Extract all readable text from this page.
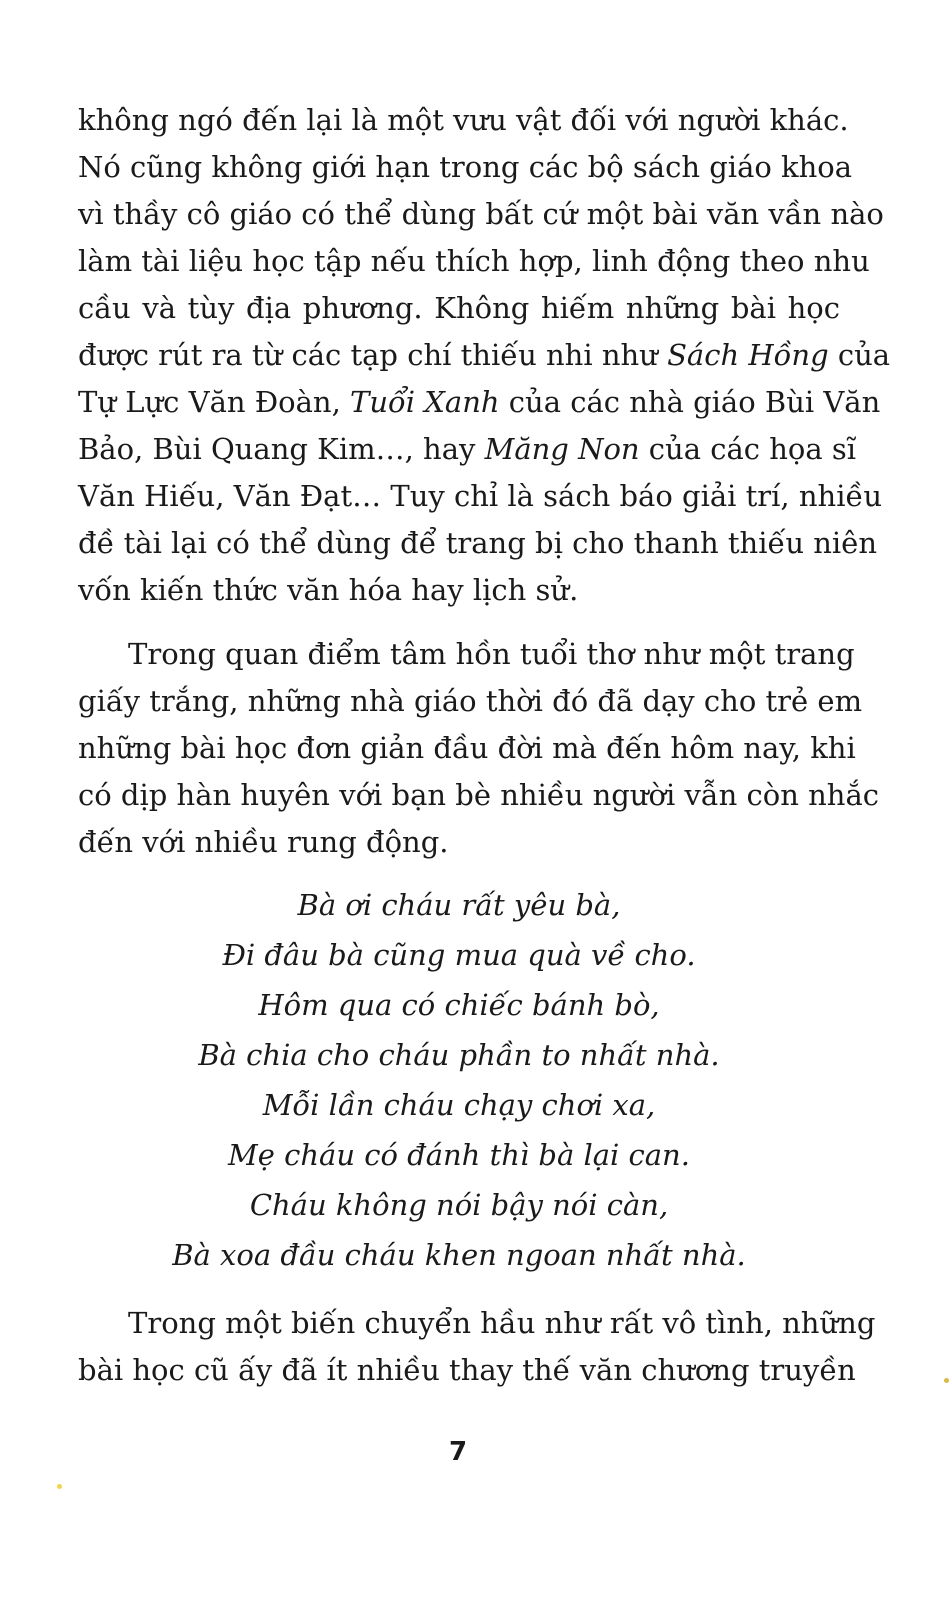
không ngó đến lại là một vưu vật đối với người khác.
Nó cũng không giới hạn trong các bộ sách giáo khoa
vì thầy cô giáo có thể dùng bất cứ một bài văn vần nào
làm tài liệu học tập nếu thích hợp, linh động theo nhu
cầu và tùy địa phương. Không hiếm những bài học
được rút ra từ các tạp chí thiếu nhi như Sách Hồng của
Tự Lực Văn Đoàn, Tuổi Xanh của các nhà giáo Bùi Văn
Bảo, Bùi Quang Kim…, hay Măng Non của các họa sĩ
Văn Hiếu, Văn Đạt… Tuy chỉ là sách báo giải trí, nhiều
đề tài lại có thể dùng để trang bị cho thanh thiếu niên
vốn kiến thức văn hóa hay lịch sử.
Trong quan điểm tâm hồn tuổi thơ như một trang
giấy trắng, những nhà giáo thời đó đã dạy cho trẻ em
những bài học đơn giản đầu đời mà đến hôm nay, khi
có dịp hàn huyên với bạn bè nhiều người vẫn còn nhắc
đến với nhiều rung động.
Bà ơi cháu rất yêu bà,
Đi đâu bà cũng mua quà về cho.
Hôm qua có chiếc bánh bò,
Bà chia cho cháu phần to nhất nhà.
Mỗi lần cháu chạy chơi xa,
Mẹ cháu có đánh thì bà lại can.
Cháu không nói bậy nói càn,
Bà xoa đầu cháu khen ngoan nhất nhà.
Trong một biến chuyển hầu như rất vô tình, những
bài học cũ ấy đã ít nhiều thay thế văn chương truyền
7
